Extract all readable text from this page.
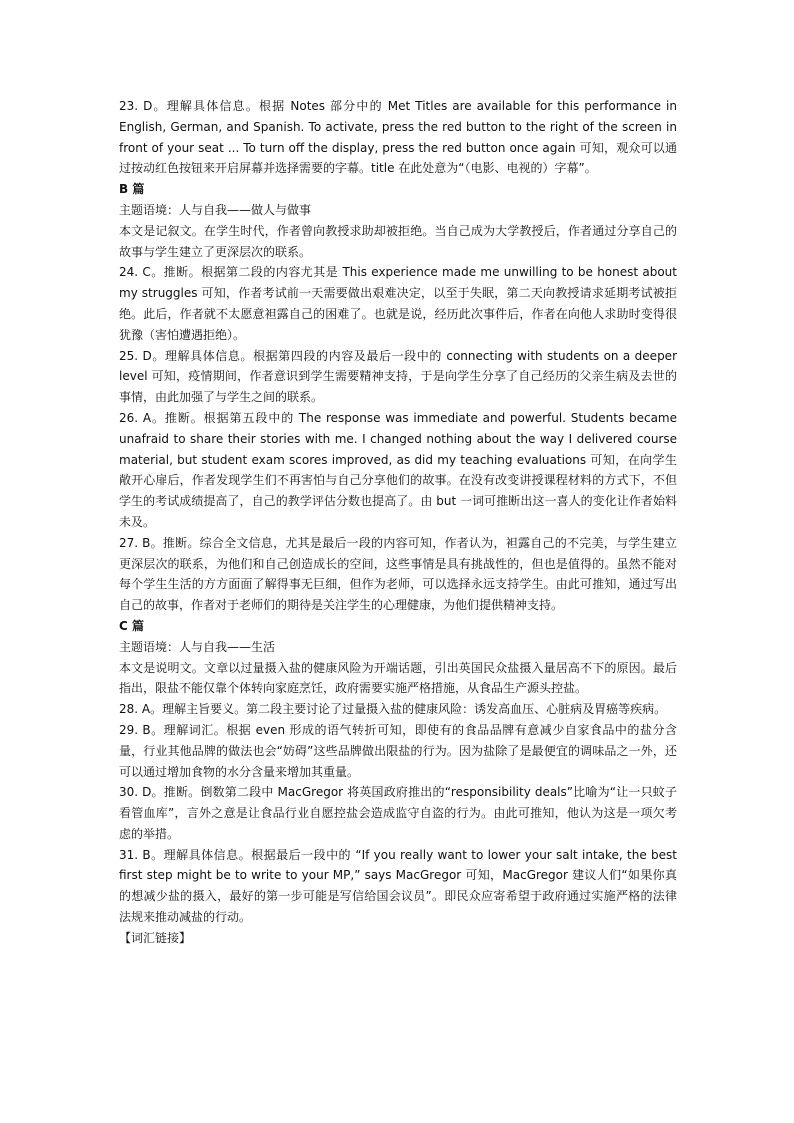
23. D。理解具体信息。根据 Notes 部分中的 Met Titles are available for this performance in English, German, and Spanish. To activate, press the red button to the right of the screen in front of your seat ... To turn off the display, press the red button once again 可知，观众可以通过按动红色按钮来开启屏幕并选择需要的字幕。title 在此处意为“（电影、电视的）字幕”。

B 篇

主题语境：人与自我——做人与做事

本文是记叙文。在学生时代，作者曾向教授求助却被拒绝。当自己成为大学教授后，作者通过分享自己的故事与学生建立了更深层次的联系。

24. C。推断。根据第二段的内容尤其是 This experience made me unwilling to be honest about my struggles 可知，作者考试前一天需要做出艰难决定，以至于失眠，第二天向教授请求延期考试被拒绝。此后，作者就不太愿意袒露自己的困难了。也就是说，经历此次事件后，作者在向他人求助时变得很犹豫（害怕遭遇拒绝）。

25. D。理解具体信息。根据第四段的内容及最后一段中的 connecting with students on a deeper level 可知，疫情期间，作者意识到学生需要精神支持，于是向学生分享了自己经历的父亲生病及去世的事情，由此加强了与学生之间的联系。

26. A。推断。根据第五段中的 The response was immediate and powerful. Students became unafraid to share their stories with me. I changed nothing about the way I delivered course material, but student exam scores improved, as did my teaching evaluations 可知，在向学生敞开心扉后，作者发现学生们不再害怕与自己分享他们的故事。在没有改变讲授课程材料的方式下，不但学生的考试成绩提高了，自己的教学评估分数也提高了。由 but 一词可推断出这一喜人的变化让作者始料未及。

27. B。推断。综合全文信息，尤其是最后一段的内容可知，作者认为，袒露自己的不完美，与学生建立更深层次的联系，为他们和自己创造成长的空间，这些事情是具有挑战性的，但也是值得的。虽然不能对每个学生生活的方方面面了解得事无巨细，但作为老师，可以选择永远支持学生。由此可推知，通过写出自己的故事，作者对于老师们的期待是关注学生的心理健康，为他们提供精神支持。

C 篇

主题语境：人与自我——生活

本文是说明文。文章以过量摄入盐的健康风险为开端话题，引出英国民众盐摄入量居高不下的原因。最后指出，限盐不能仅靠个体转向家庭烹饪，政府需要实施严格措施，从食品生产源头控盐。

28. A。理解主旨要义。第二段主要讨论了过量摄入盐的健康风险：诱发高血压、心脏病及胃癌等疾病。

29. B。理解词汇。根据 even 形成的语气转折可知，即使有的食品品牌有意减少自家食品中的盐分含量，行业其他品牌的做法也会“妨碍”这些品牌做出限盐的行为。因为盐除了是最便宜的调味品之一外，还可以通过增加食物的水分含量来增加其重量。

30. D。推断。倒数第二段中 MacGregor 将英国政府推出的“responsibility deals”比喻为“让一只蚊子看管血库”，言外之意是让食品行业自愿控盐会造成监守自盗的行为。由此可推知，他认为这是一项欠考虑的举措。

31. B。理解具体信息。根据最后一段中的 “If you really want to lower your salt intake, the best first step might be to write to your MP,” says MacGregor 可知，MacGregor 建议人们“如果你真的想减少盐的摄入，最好的第一步可能是写信给国会议员”。即民众应寄希望于政府通过实施严格的法律法规来推动减盐的行动。

【词汇链接】
